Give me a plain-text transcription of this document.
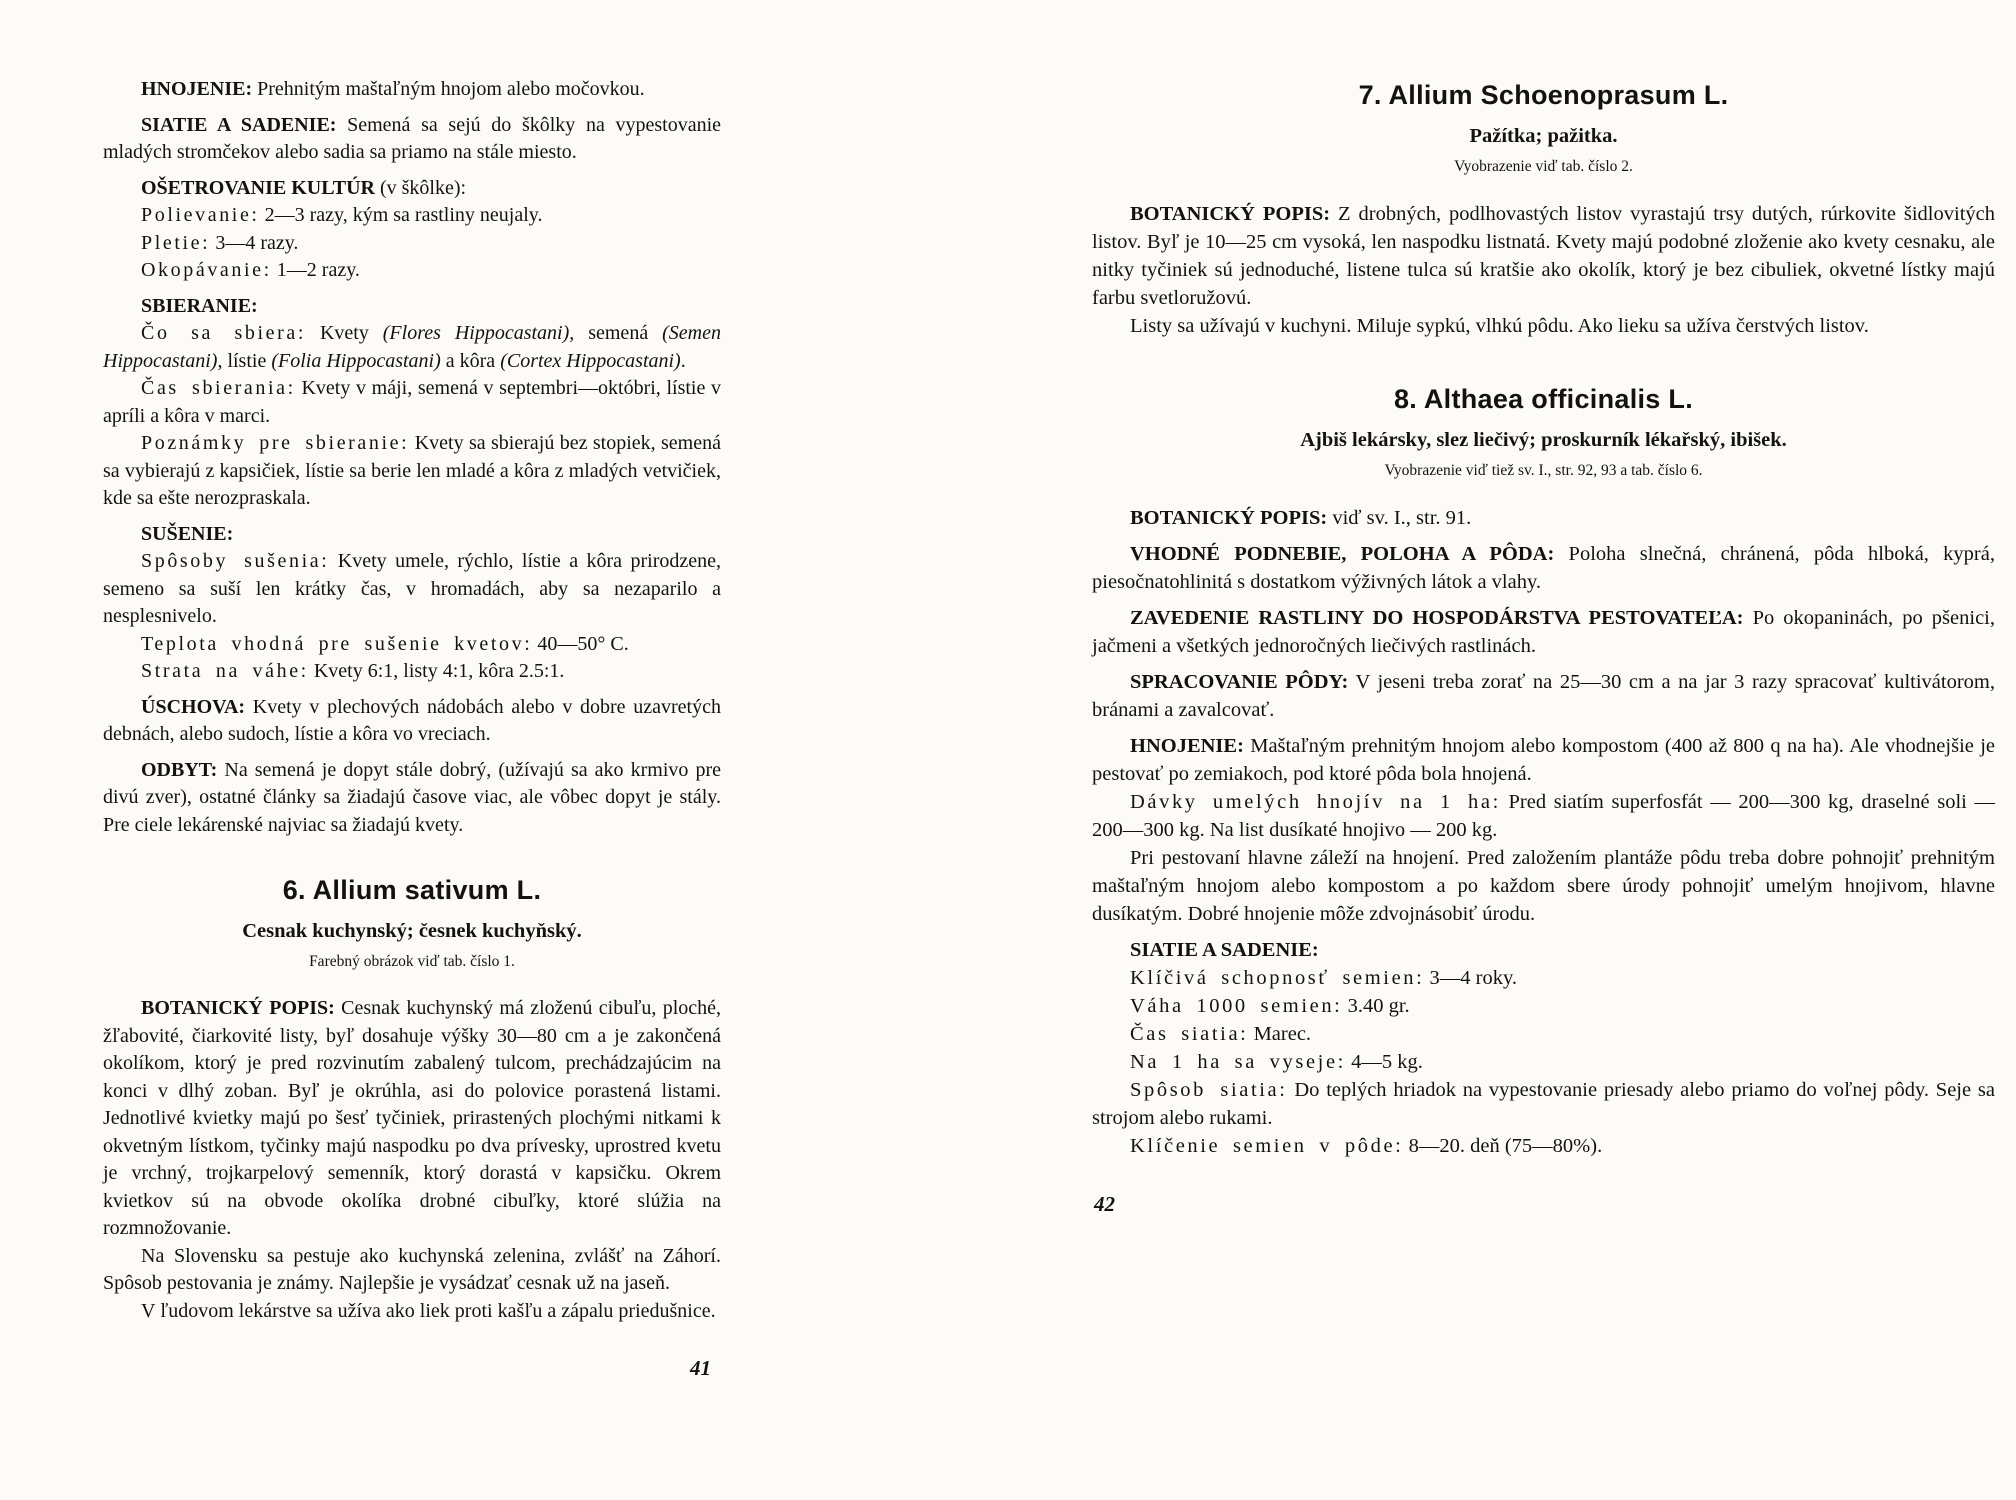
HNOJENIE: Prehnitým maštaľným hnojom alebo močovkou.

SIATIE A SADENIE: Semená sa sejú do škôlky na vypestovanie mladých stromčekov alebo sadia sa priamo na stále miesto.

OŠETROVANIE KULTÚR (v škôlke):

Polievanie: 2—3 razy, kým sa rastliny neujaly.

Pletie: 3—4 razy.

Okopávanie: 1—2 razy.

SBIERANIE:

Čo sa sbiera: Kvety (Flores Hippocastani), semená (Semen Hippocastani), lístie (Folia Hippocastani) a kôra (Cortex Hippocastani).

Čas sbierania: Kvety v máji, semená v septembri—októbri, lístie v apríli a kôra v marci.

Poznámky pre sbieranie: Kvety sa sbierajú bez stopiek, semená sa vybierajú z kapsičiek, lístie sa berie len mladé a kôra z mladých vetvičiek, kde sa ešte nerozpraskala.

SUŠENIE:

Spôsoby sušenia: Kvety umele, rýchlo, lístie a kôra prirodzene, semeno sa suší len krátky čas, v hromadách, aby sa nezaparilo a nesplesnivelo.

Teplota vhodná pre sušenie kvetov: 40—50° C.

Strata na váhe: Kvety 6:1, listy 4:1, kôra 2.5:1.

ÚSCHOVA: Kvety v plechových nádobách alebo v dobre uzavretých debnách, alebo sudoch, lístie a kôra vo vreciach.

ODBYT: Na semená je dopyt stále dobrý, (užívajú sa ako krmivo pre divú zver), ostatné články sa žiadajú časove viac, ale vôbec dopyt je stály. Pre ciele lekárenské najviac sa žiadajú kvety.

6. Allium sativum L.

Cesnak kuchynský; česnek kuchyňský.

Farebný obrázok viď tab. číslo 1.

BOTANICKÝ POPIS: Cesnak kuchynský má zloženú cibuľu, ploché, žľabovité, čiarkovité listy, byľ dosahuje výšky 30—80 cm a je zakončená okolíkom, ktorý je pred rozvinutím zabalený tulcom, prechádzajúcim na konci v dlhý zoban. Byľ je okrúhla, asi do polovice porastená listami. Jednotlivé kvietky majú po šesť tyčiniek, prirastených plochými nitkami k okvetným lístkom, tyčinky majú naspodku po dva prívesky, uprostred kvetu je vrchný, trojkarpelový semenník, ktorý dorastá v kapsičku. Okrem kvietkov sú na obvode okolíka drobné cibuľky, ktoré slúžia na rozmnožovanie.

Na Slovensku sa pestuje ako kuchynská zelenina, zvlášť na Záhorí. Spôsob pestovania je známy. Najlepšie je vysádzať cesnak už na jaseň.

V ľudovom lekárstve sa užíva ako liek proti kašľu a zápalu priedušnice.

41
7. Allium Schoenoprasum L.

Pažítka; pažitka.

Vyobrazenie viď tab. číslo 2.

BOTANICKÝ POPIS: Z drobných, podlhovastých listov vyrastajú trsy dutých, rúrkovite šidlovitých listov. Byľ je 10—25 cm vysoká, len naspodku listnatá. Kvety majú podobné zloženie ako kvety cesnaku, ale nitky tyčiniek sú jednoduché, listene tulca sú kratšie ako okolík, ktorý je bez cibuliek, okvetné lístky majú farbu svetloružovú.

Listy sa užívajú v kuchyni. Miluje sypkú, vlhkú pôdu. Ako lieku sa užíva čerstvých listov.

8. Althaea officinalis L.

Ajbiš lekársky, slez liečivý; proskurník lékařský, ibišek.

Vyobrazenie viď tiež sv. I., str. 92, 93 a tab. číslo 6.

BOTANICKÝ POPIS: viď sv. I., str. 91.

VHODNÉ PODNEBIE, POLOHA A PÔDA: Poloha slnečná, chránená, pôda hlboká, kyprá, piesočnatohlinitá s dostatkom výživných látok a vlahy.

ZAVEDENIE RASTLINY DO HOSPODÁRSTVA PESTOVATEĽA: Po okopaninách, po pšenici, jačmeni a všetkých jednoročných liečivých rastlinách.

SPRACOVANIE PÔDY: V jeseni treba zorať na 25—30 cm a na jar 3 razy spracovať kultivátorom, bránami a zavalcovať.

HNOJENIE: Maštaľným prehnitým hnojom alebo kompostom (400 až 800 q na ha). Ale vhodnejšie je pestovať po zemiakoch, pod ktoré pôda bola hnojená.

Dávky umelých hnojív na 1 ha: Pred siatím superfosfát — 200—300 kg, draselné soli — 200—300 kg. Na list dusíkaté hnojivo — 200 kg.

Pri pestovaní hlavne záleží na hnojení. Pred založením plantáže pôdu treba dobre pohnojiť prehnitým maštaľným hnojom alebo kompostom a po každom sbere úrody pohnojiť umelým hnojivom, hlavne dusíkatým. Dobré hnojenie môže zdvojnásobiť úrodu.

SIATIE A SADENIE:

Klíčivá schopnosť semien: 3—4 roky.

Váha 1000 semien: 3.40 gr.

Čas siatia: Marec.

Na 1 ha sa vyseje: 4—5 kg.

Spôsob siatia: Do teplých hriadok na vypestovanie priesady alebo priamo do voľnej pôdy. Seje sa strojom alebo rukami.

Klíčenie semien v pôde: 8—20. deň (75—80%).

42
